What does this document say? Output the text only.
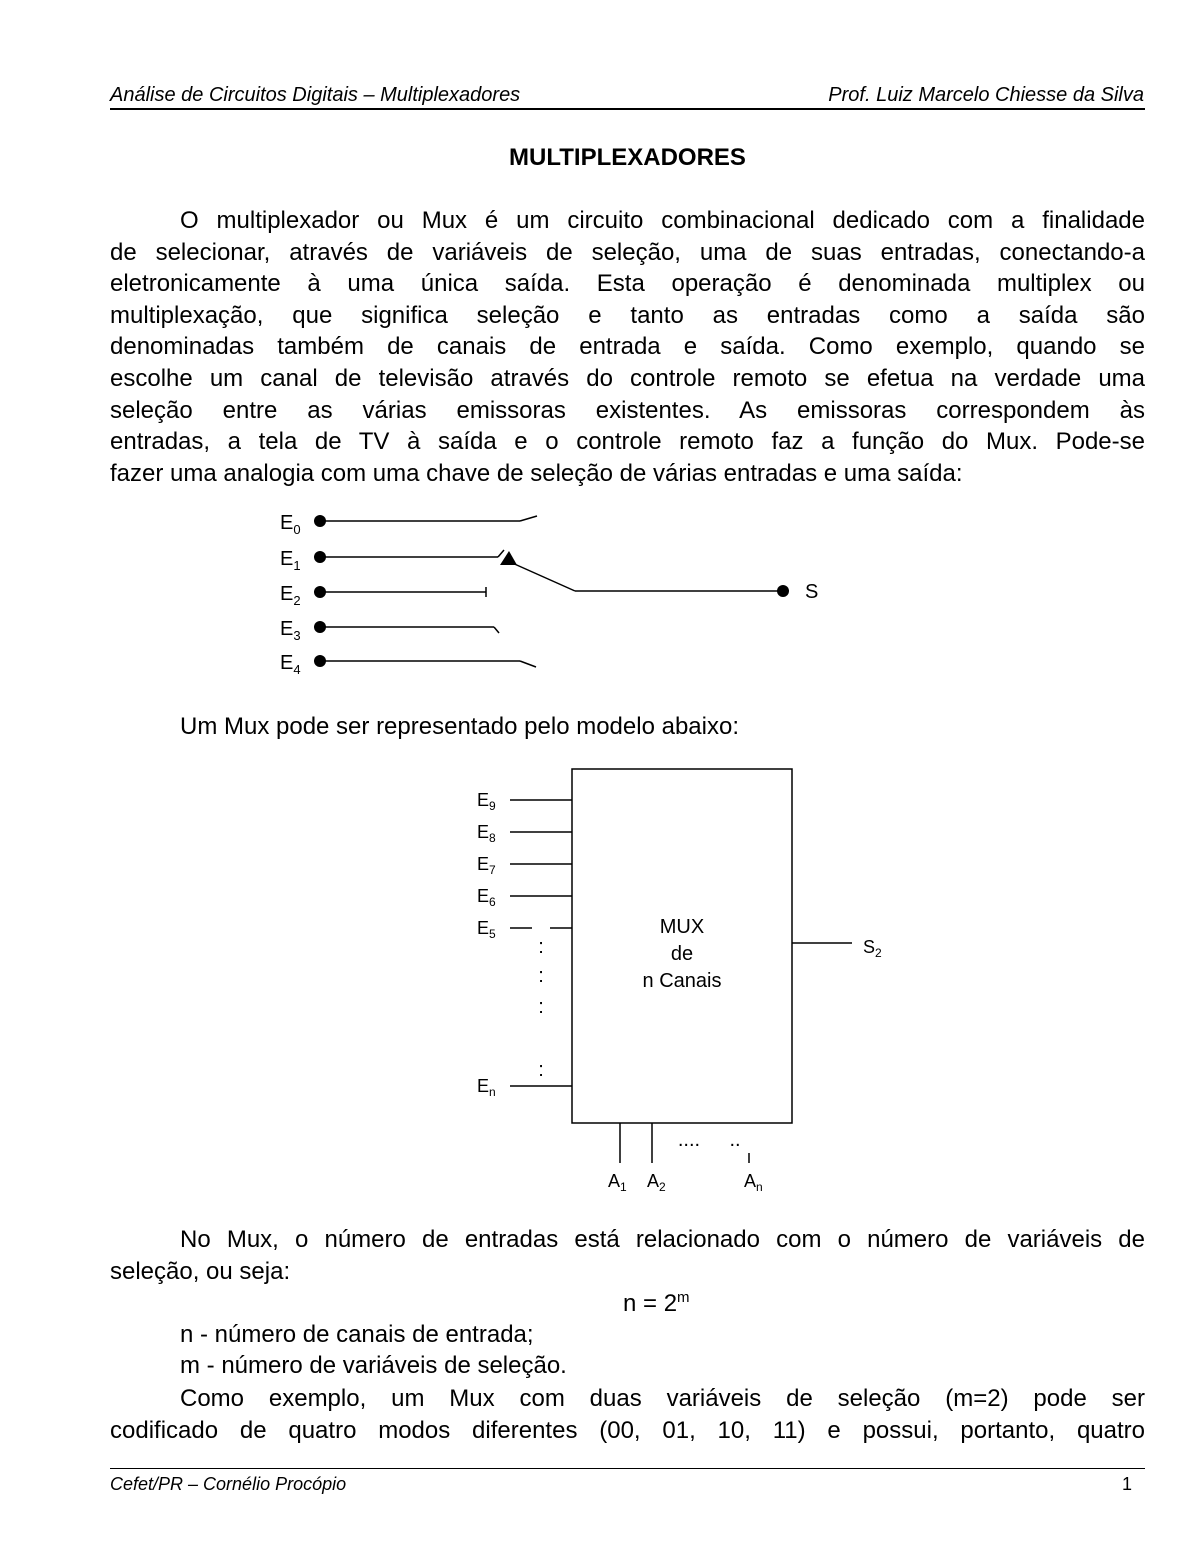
Análise de Circuitos Digitais – Multiplexadores	Prof. Luiz Marcelo Chiesse da Silva
MULTIPLEXADORES
O multiplexador ou Mux é um circuito combinacional dedicado com a finalidade
de selecionar, através de variáveis de seleção, uma de suas entradas, conectando-a
eletronicamente à uma única saída. Esta operação é denominada multiplex ou
multiplexação, que significa seleção e tanto as entradas como a saída são
denominadas também de canais de entrada e saída. Como exemplo, quando se
escolhe um canal de televisão através do controle remoto se efetua na verdade uma
seleção entre as várias emissoras existentes. As emissoras correspondem às
entradas, a tela de TV à saída e o controle remoto faz a função do Mux. Pode-se
fazer uma analogia com uma chave de seleção de várias entradas e uma saída:
$E_0$
$E_1$
$E_2$
$E_3$
$E_4$
S
Um Mux pode ser representado pelo modelo abaixo:
$E_9$
$E_8$
$E_7$
$E_6$
$E_5$
$E_n$
$S_2$
$A_1$ $A_2$	$A_n$
MUX
de
n Canais
:
:
:
:
.... ..
No Mux, o número de entradas está relacionado com o número de variáveis de
seleção, ou seja:
$n = 2^m$
n - número de canais de entrada;
m - número de variáveis de seleção.
Como exemplo, um Mux com duas variáveis de seleção (m=2) pode ser
codificado de quatro modos diferentes (00, 01, 10, 11) e possui, portanto, quatro
Cefet/PR – Cornélio Procópio	1
